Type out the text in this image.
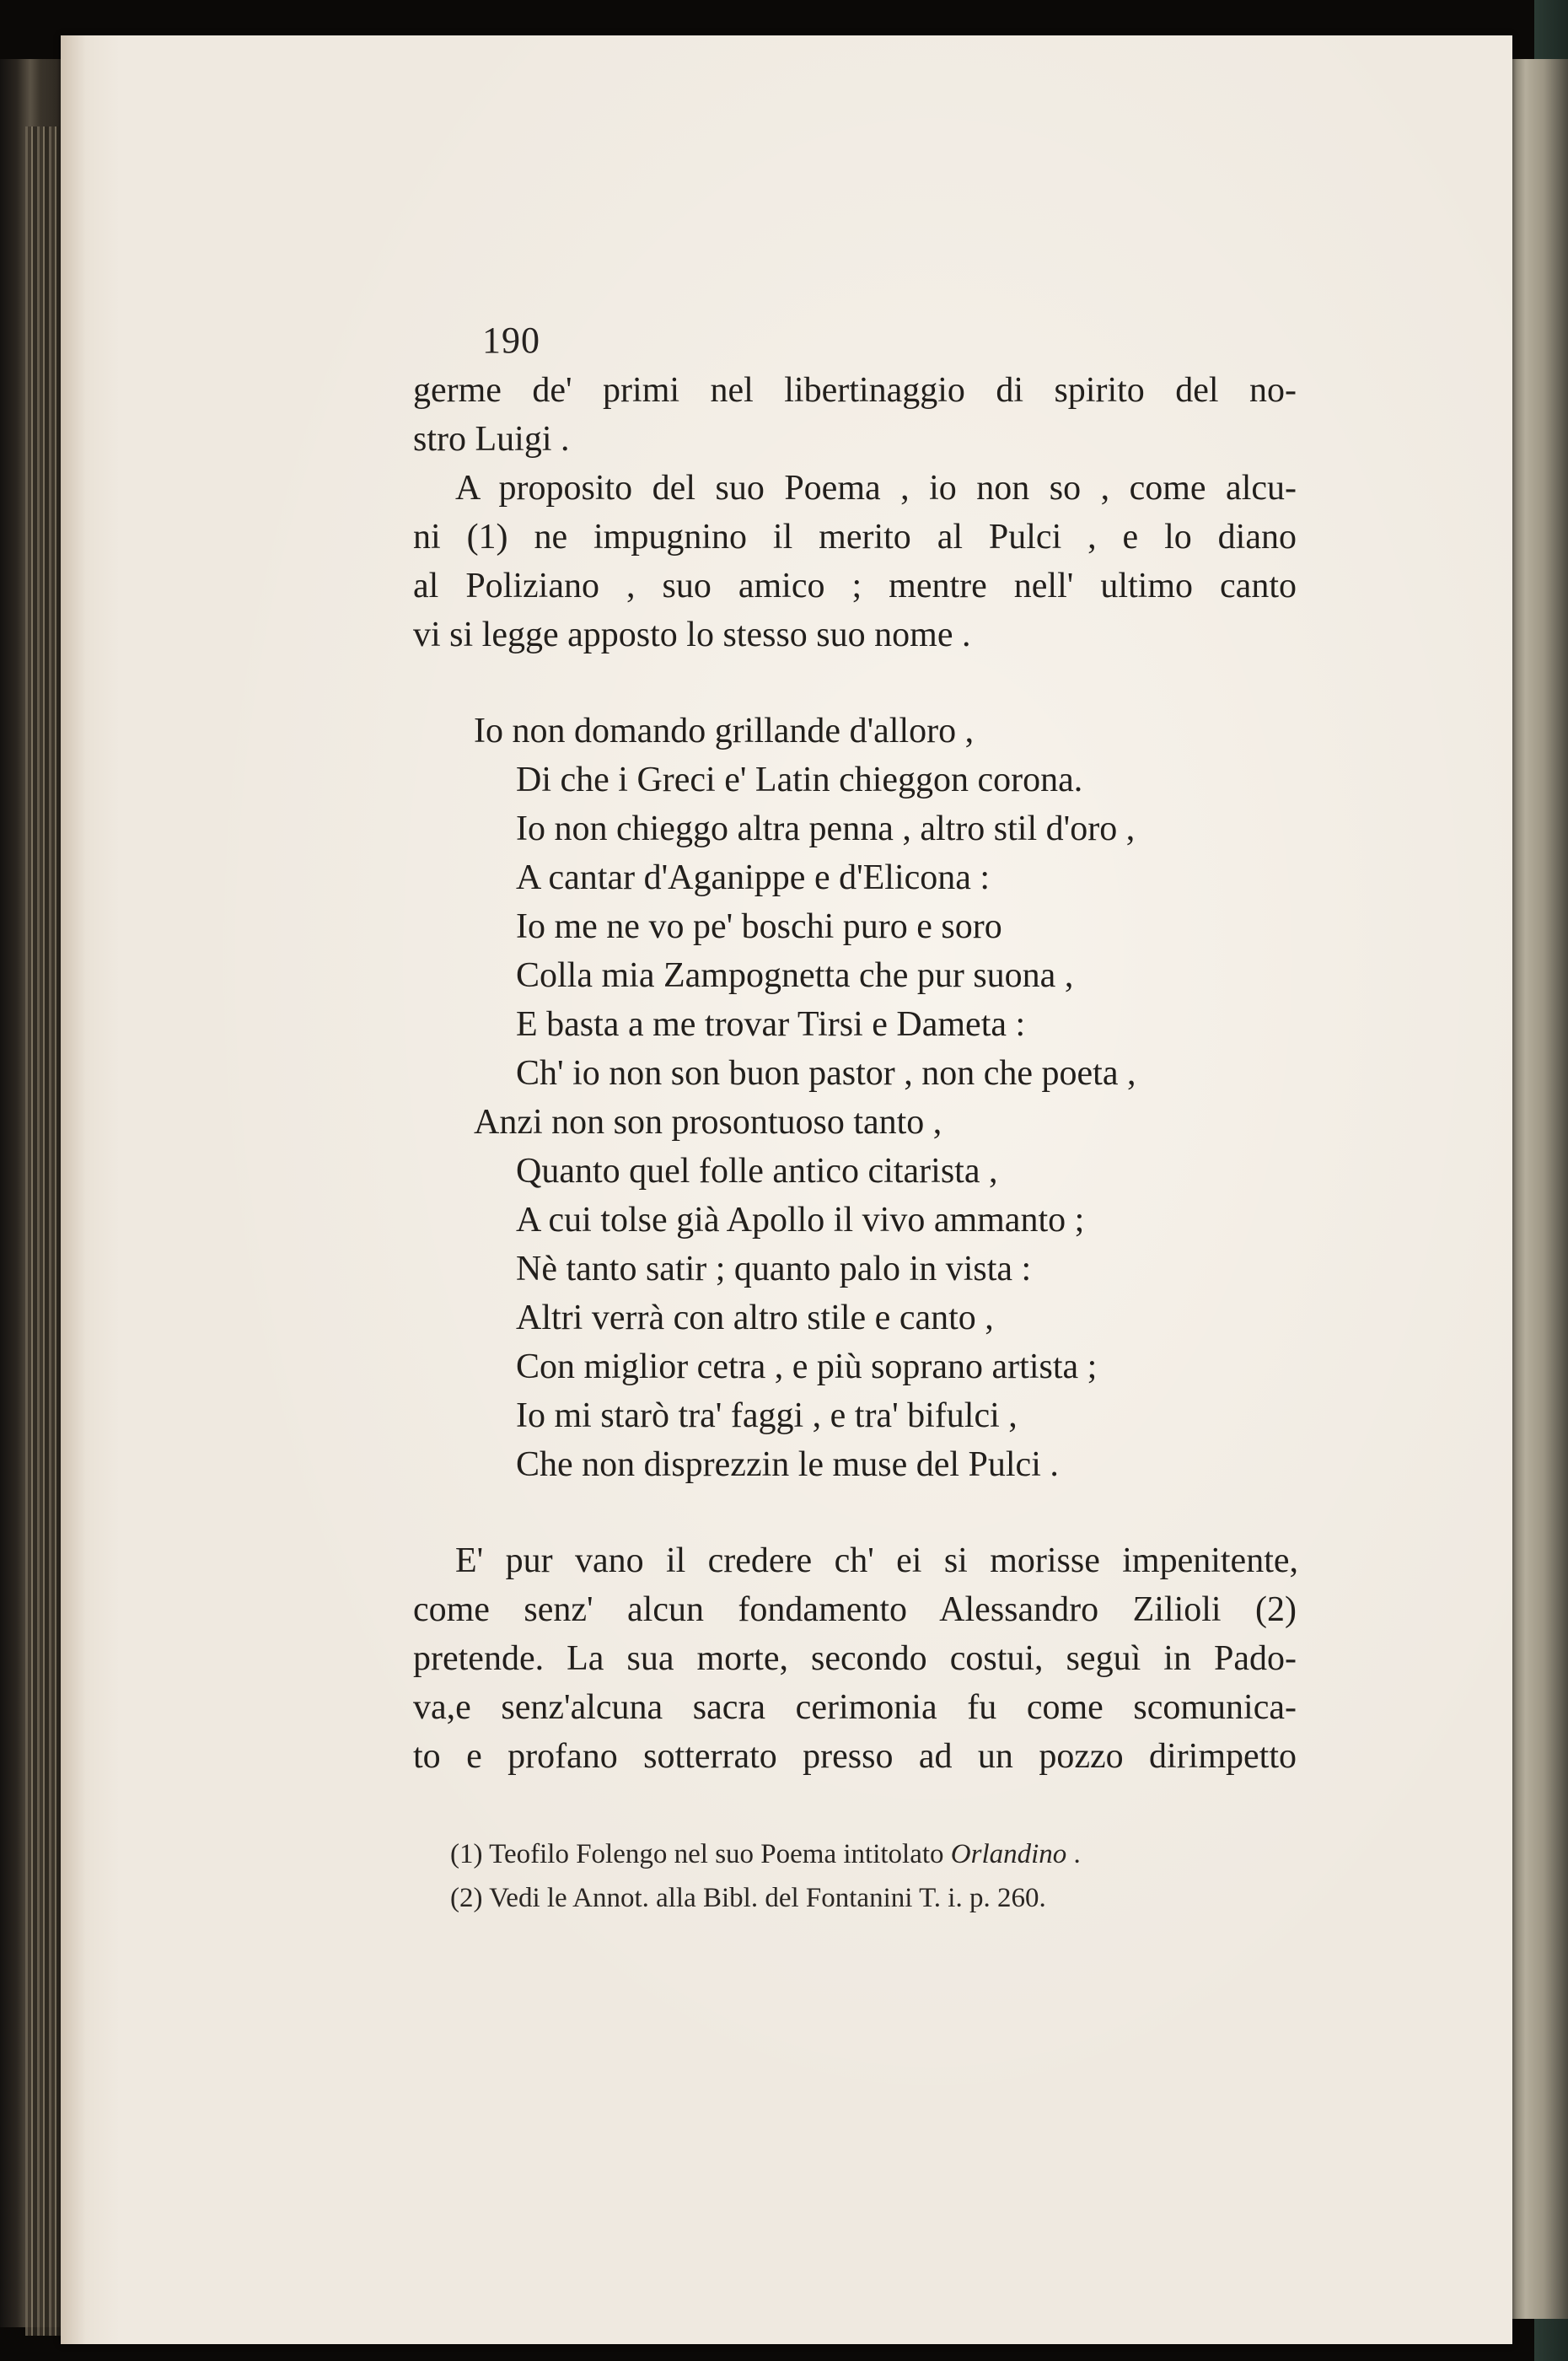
190
germe de' primi nel libertinaggio di spirito del no-
stro Luigi .
A proposito del suo Poema , io non so , come alcu-
ni (1) ne impugnino il merito al Pulci , e lo diano
al Poliziano , suo amico ; mentre nell' ultimo canto
vi si legge apposto lo stesso suo nome .
Io non domando grillande d'alloro ,
Di che i Greci e' Latin chieggon corona.
Io non chieggo altra penna , altro stil d'oro ,
A cantar d'Aganippe e d'Elicona :
Io me ne vo pe' boschi puro e soro
Colla mia Zampognetta che pur suona ,
E basta a me trovar Tirsi e Dameta :
Ch' io non son buon pastor , non che poeta ,
Anzi non son prosontuoso tanto ,
Quanto quel folle antico citarista ,
A cui tolse già Apollo il vivo ammanto ;
Nè tanto satir ; quanto palo in vista :
Altri verrà con altro stile e canto ,
Con miglior cetra , e più soprano artista ;
Io mi starò tra' faggi , e tra' bifulci ,
Che non disprezzin le muse del Pulci .
E' pur vano il credere ch' ei si morisse impenitente,
come senz' alcun fondamento Alessandro Zilioli (2)
pretende. La sua morte, secondo costui, seguì in Pado-
va,e senz'alcuna sacra cerimonia fu come scomunica-
to e profano sotterrato presso ad un pozzo dirimpetto
(1) Teofilo Folengo nel suo Poema intitolato Orlandino .
(2) Vedi le Annot. alla Bibl. del Fontanini T. i. p. 260.
